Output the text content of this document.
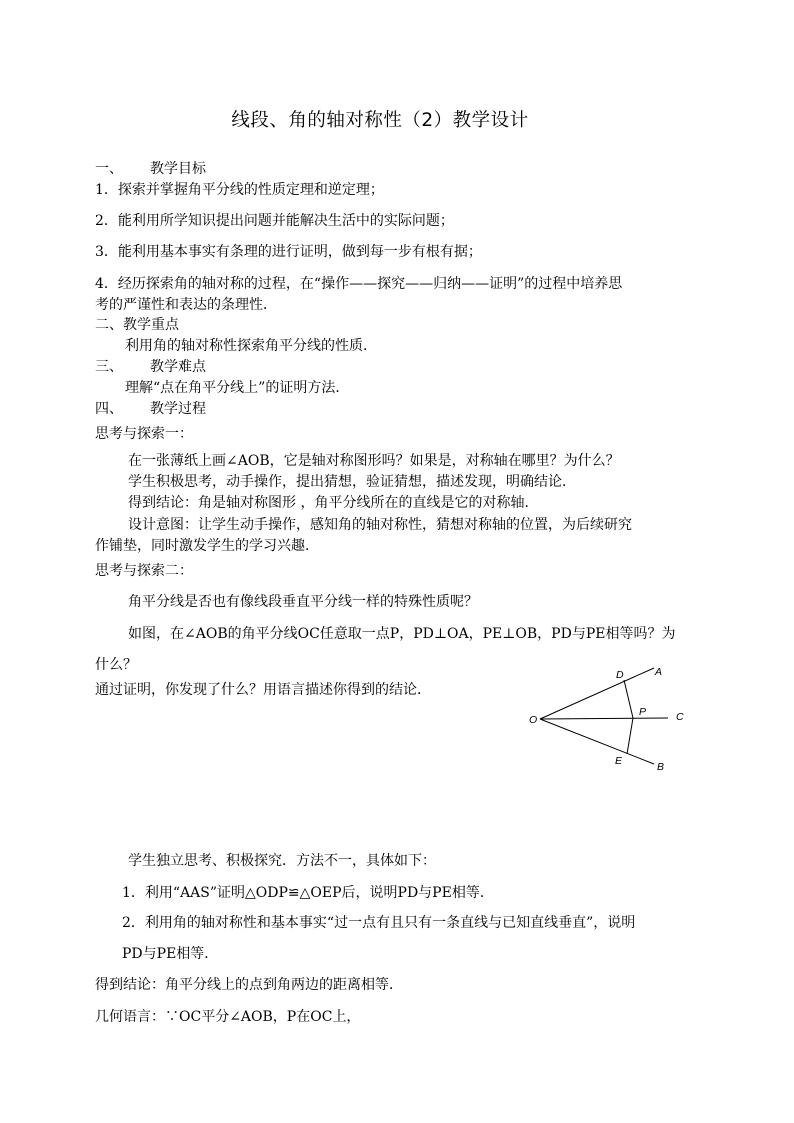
线段、角的轴对称性（2）教学设计
一、 教学目标
1．探索并掌握角平分线的性质定理和逆定理；
2．能利用所学知识提出问题并能解决生活中的实际问题；
3．能利用基本事实有条理的进行证明，做到每一步有根有据；
4．经历探索角的轴对称的过程，在“操作——探究——归纳——证明”的过程中培养思
考的严谨性和表达的条理性．
二、教学重点
利用角的轴对称性探索角平分线的性质．
三、 教学难点
理解“点在角平分线上”的证明方法．
四、 教学过程
思考与探索一：
在一张薄纸上画∠AOB，它是轴对称图形吗？如果是，对称轴在哪里？为什么？
学生积极思考，动手操作，提出猜想，验证猜想，描述发现，明确结论．
得到结论：角是轴对称图形 ，角平分线所在的直线是它的对称轴．
设计意图：让学生动手操作，感知角的轴对称性，猜想对称轴的位置，为后续研究
作铺垫，同时激发学生的学习兴趣．
思考与探索二：
角平分线是否也有像线段垂直平分线一样的特殊性质呢？
如图，在∠AOB的角平分线OC任意取一点P，PD⊥OA，PE⊥OB，PD与PE相等吗？为
什么？
通过证明，你发现了什么？用语言描述你得到的结论．
A
B
C
D
E
O
P
学生独立思考、积极探究．方法不一，具体如下：
1．利用“AAS”证明△ODP≌△OEP后，说明PD与PE相等．
2．利用角的轴对称性和基本事实“过一点有且只有一条直线与已知直线垂直”，说明
PD与PE相等．
得到结论：角平分线上的点到角两边的距离相等．
几何语言：∵OC平分∠AOB，P在OC上，
